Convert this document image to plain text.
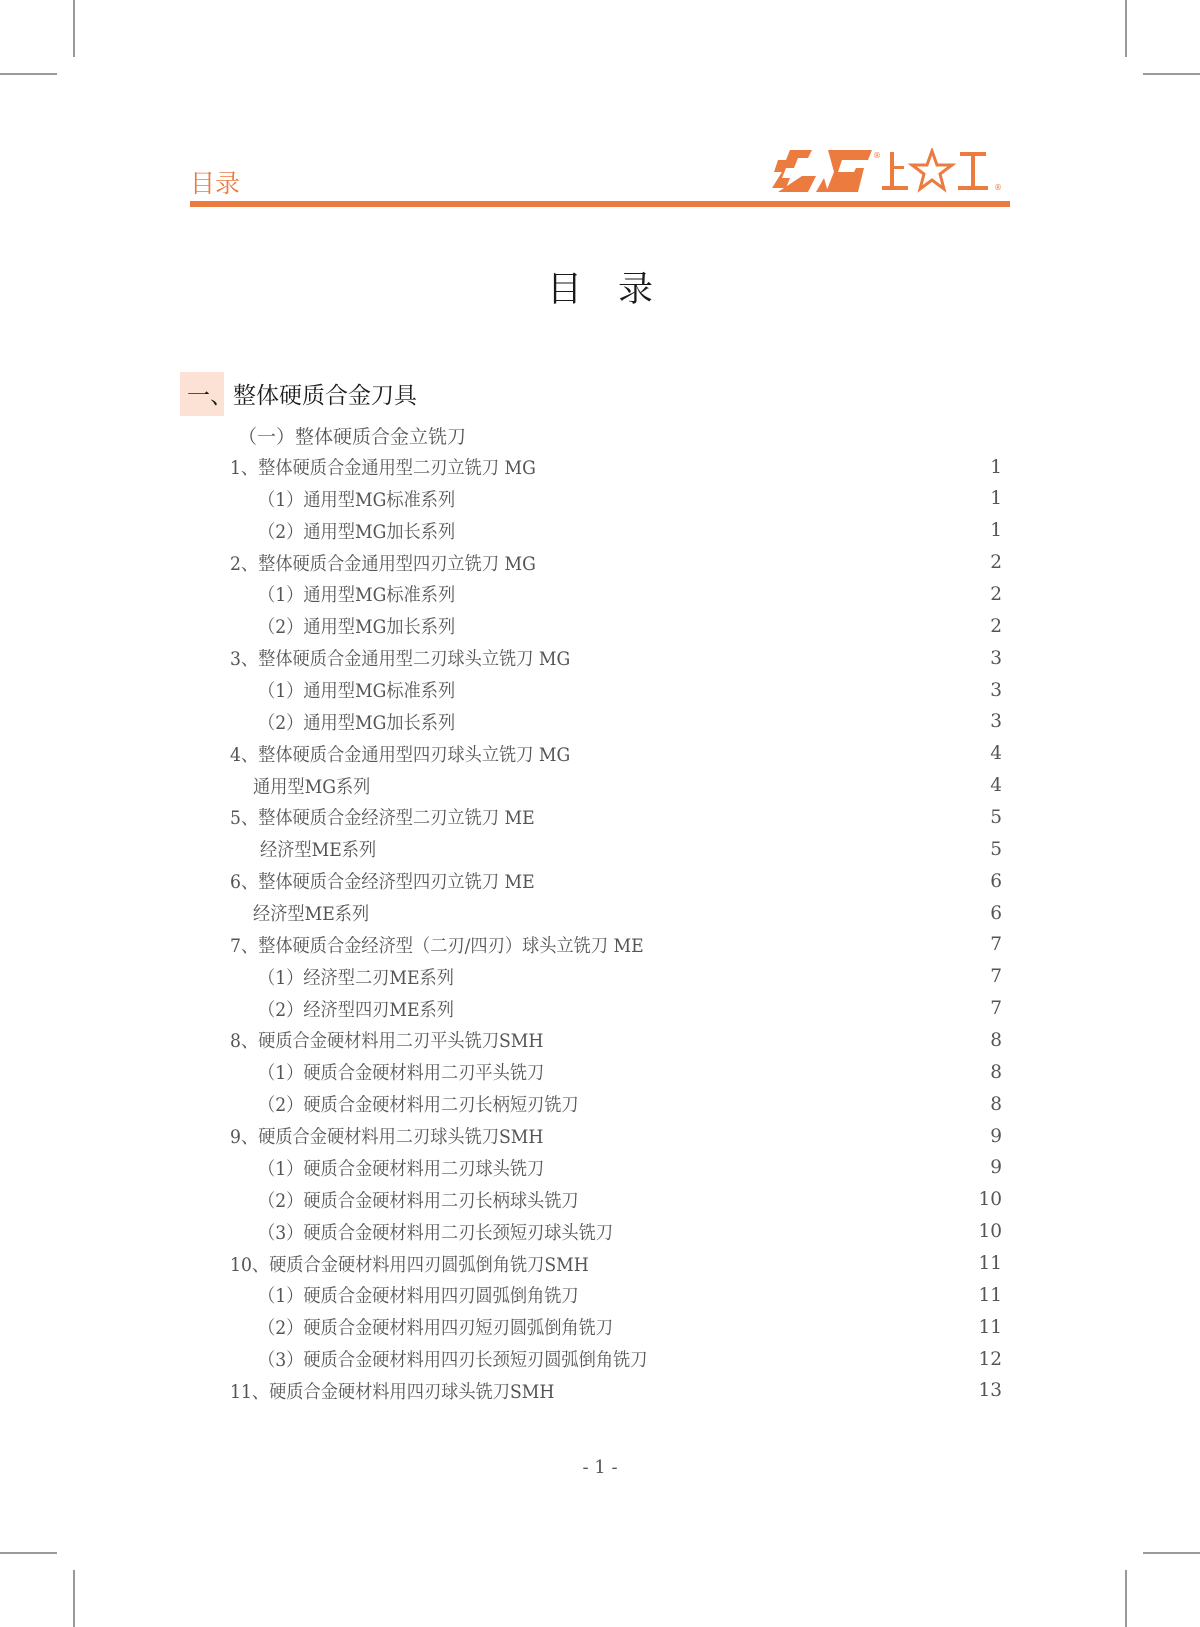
目录
®
®
目录
一、整体硬质合金刀具
（一）整体硬质合金立铣刀
1、整体硬质合金通用型二刃立铣刀 MG	1
（1）通用型MG标准系列	1
（2）通用型MG加长系列	1
2、整体硬质合金通用型四刃立铣刀 MG	2
（1）通用型MG标准系列	2
（2）通用型MG加长系列	2
3、整体硬质合金通用型二刃球头立铣刀 MG	3
（1）通用型MG标准系列	3
（2）通用型MG加长系列	3
4、整体硬质合金通用型四刃球头立铣刀 MG	4
通用型MG系列	4
5、整体硬质合金经济型二刃立铣刀 ME	5
经济型ME系列	5
6、整体硬质合金经济型四刃立铣刀 ME	6
经济型ME系列	6
7、整体硬质合金经济型（二刃/四刃）球头立铣刀 ME	7
（1）经济型二刃ME系列	7
（2）经济型四刃ME系列	7
8、硬质合金硬材料用二刃平头铣刀SMH	8
（1）硬质合金硬材料用二刃平头铣刀	8
（2）硬质合金硬材料用二刃长柄短刃铣刀	8
9、硬质合金硬材料用二刃球头铣刀SMH	9
（1）硬质合金硬材料用二刃球头铣刀	9
（2）硬质合金硬材料用二刃长柄球头铣刀	10
（3）硬质合金硬材料用二刃长颈短刃球头铣刀	10
10、硬质合金硬材料用四刃圆弧倒角铣刀SMH	11
（1）硬质合金硬材料用四刃圆弧倒角铣刀	11
（2）硬质合金硬材料用四刃短刃圆弧倒角铣刀	11
（3）硬质合金硬材料用四刃长颈短刃圆弧倒角铣刀	12
11、硬质合金硬材料用四刃球头铣刀SMH	13
- 1 -
